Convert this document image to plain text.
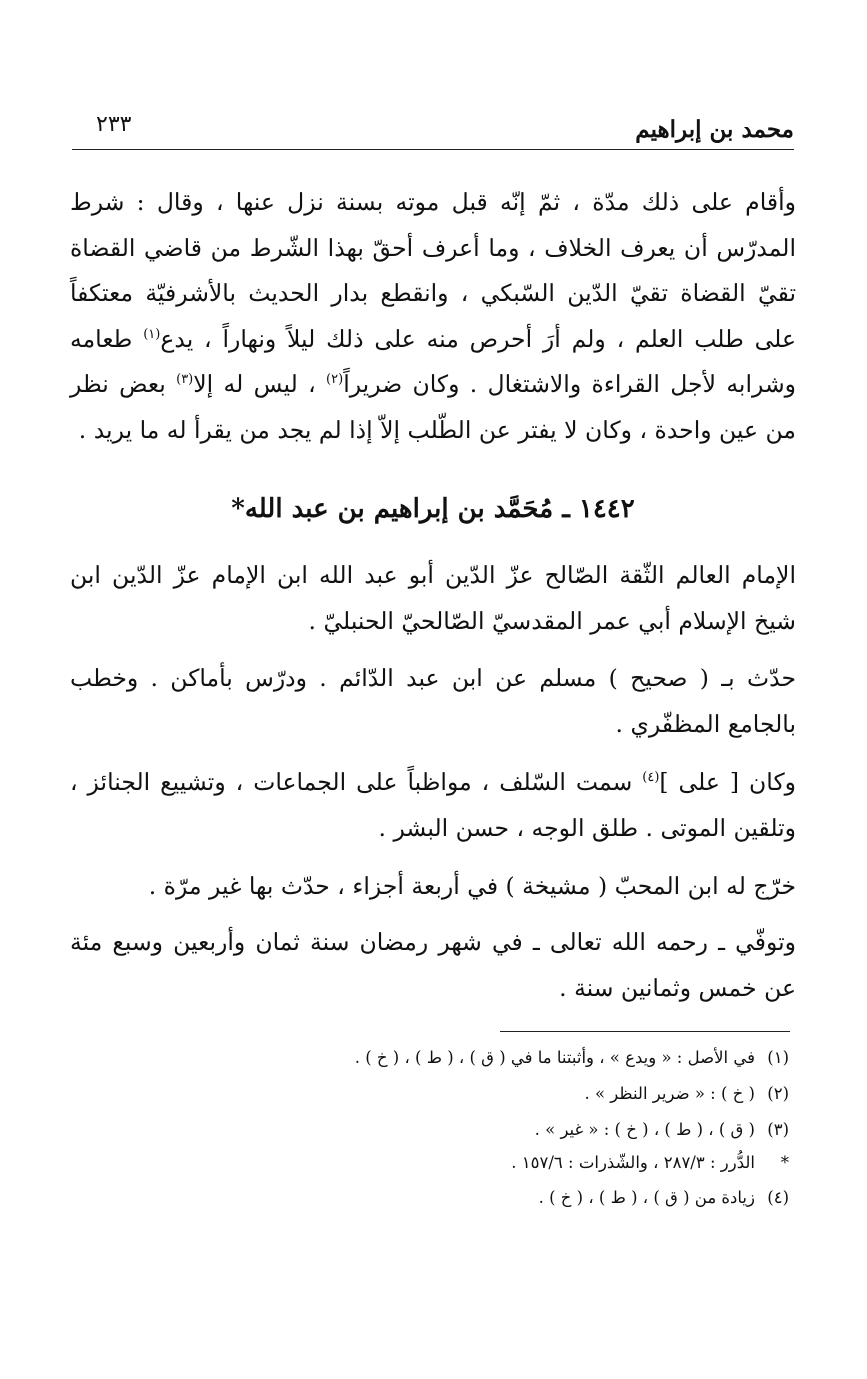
محمد بن إبراهيم
٢٣٣

وأقام على ذلك مدّة ، ثمّ إنّه قبل موته بسنة نزل عنها ، وقال : شرط المدرّس أن يعرف الخلاف ، وما أعرف أحقّ بهذا الشّرط من قاضي القضاة تقيّ القضاة تقيّ الدّين السّبكي ، وانقطع بدار الحديث بالأشرفيّة معتكفاً على طلب العلم ، ولم أرَ أحرص منه على ذلك ليلاً ونهاراً ، يدع$^{(١)}$ طعامه وشرابه لأجل القراءة والاشتغال . وكان ضريراً$^{(٢)}$ ، ليس له إلا$^{(٣)}$ بعض نظر من عين واحدة ، وكان لا يفتر عن الطّلب إلاّ إذا لم يجد من يقرأ له ما يريد .

١٤٤٢ ـ مُحَمَّد بن إبراهيم بن عبد الله*

الإمام العالم الثّقة الصّالح عزّ الدّين أبو عبد الله ابن الإمام عزّ الدّين ابن شيخ الإسلام أبي عمر المقدسيّ الصّالحيّ الحنبليّ .

حدّث بـ ( صحيح ) مسلم عن ابن عبد الدّائم . ودرّس بأماكن . وخطب بالجامع المظفّري .

وكان [ على ]$^{(٤)}$ سمت السّلف ، مواظباً على الجماعات ، وتشييع الجنائز ، وتلقين الموتى . طلق الوجه ، حسن البشر .

خرّج له ابن المحبّ ( مشيخة ) في أربعة أجزاء ، حدّث بها غير مرّة .

وتوفّي ـ رحمه الله تعالى ـ في شهر رمضان سنة ثمان وأربعين وسبع مئة عن خمس وثمانين سنة .

(١)في الأصل : « ويدع » ، وأثبتنا ما في ( ق ) ، ( ط ) ، ( خ ) .
(٢)( خ ) : « ضرير النظر » .
(٣)( ق ) ، ( ط ) ، ( خ ) : « غير » .
*الدُّرر : ٢٨٧/٣ ، والشّذرات : ١٥٧/٦ .
(٤)زيادة من ( ق ) ، ( ط ) ، ( خ ) .
